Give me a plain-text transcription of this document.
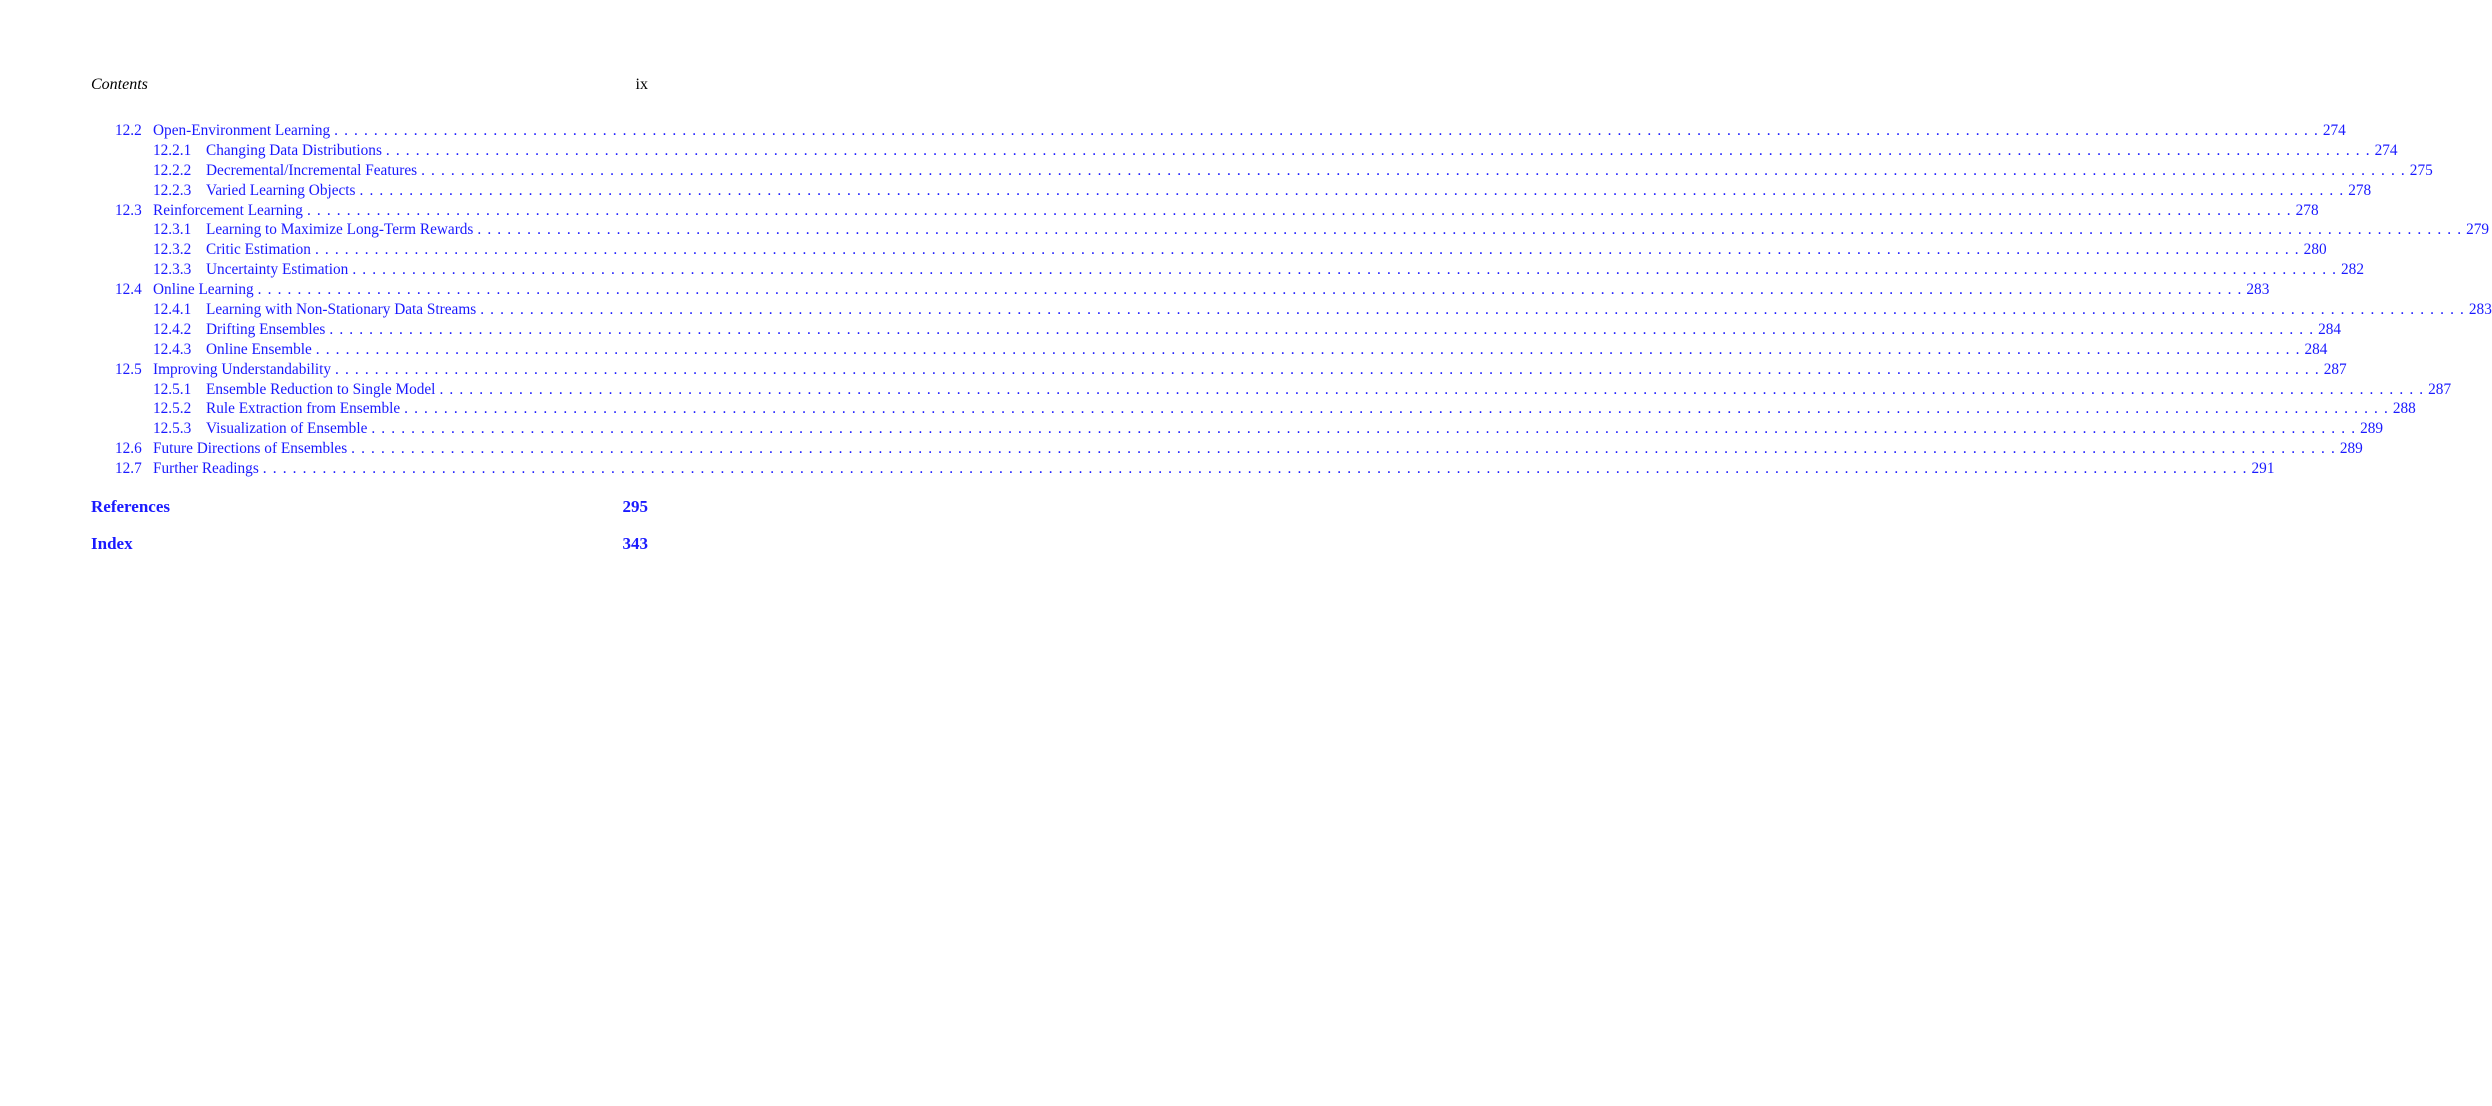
Contents	ix
12.2 Open-Environment Learning .  .  .  .  .  .  .  .  .  .  .  .  .  .  .  .  .  .  .  .  .  .  .  .  .  .  .  .  .  .  .  .  .  .  .  .  .  .  .  .  .  .  .  .  .  .  .  .  .  .  .  .  .  .  .  .  .  .  .  .  .  .  .  .  .  .  .  .  .  .  .  .  .  .  .  .  .  .  .  .  .  .  .  .  .  .  .  .  .  .  .  .  .  .  .  .  .  .  .  .  .  .  .  .  .  .  .  .  .  .  .  .  .  .  .  .  .  .  .  .  .  .  .  .  .  .  .  .  .  .  .  .  .  .  .  .  .  .  .  .  .  .  .  .  .  .  .  .  .  .  .  .  .  .  .  .  .  .  .  .  .  .  .  .  .  .  .  .  .  .  .  .  .  .  .  .  .  .  .  .  .  .  .  .  .  .  .  .  .  .  .  .  .  .  .  .  .  .  .  . 274
12.2.1 Changing Data Distributions .  .  .  .  .  .  .  .  .  .  .  .  .  .  .  .  .  .  .  .  .  .  .  .  .  .  .  .  .  .  .  .  .  .  .  .  .  .  .  .  .  .  .  .  .  .  .  .  .  .  .  .  .  .  .  .  .  .  .  .  .  .  .  .  .  .  .  .  .  .  .  .  .  .  .  .  .  .  .  .  .  .  .  .  .  .  .  .  .  .  .  .  .  .  .  .  .  .  .  .  .  .  .  .  .  .  .  .  .  .  .  .  .  .  .  .  .  .  .  .  .  .  .  .  .  .  .  .  .  .  .  .  .  .  .  .  .  .  .  .  .  .  .  .  .  .  .  .  .  .  .  .  .  .  .  .  .  .  .  .  .  .  .  .  .  .  .  .  .  .  .  .  .  .  .  .  .  .  .  .  .  .  .  .  .  .  .  .  .  .  .  .  .  .  .  .  .  .  .  . 274
12.2.2 Decremental/Incremental Features .  .  .  .  .  .  .  .  .  .  .  .  .  .  .  .  .  .  .  .  .  .  .  .  .  .  .  .  .  .  .  .  .  .  .  .  .  .  .  .  .  .  .  .  .  .  .  .  .  .  .  .  .  .  .  .  .  .  .  .  .  .  .  .  .  .  .  .  .  .  .  .  .  .  .  .  .  .  .  .  .  .  .  .  .  .  .  .  .  .  .  .  .  .  .  .  .  .  .  .  .  .  .  .  .  .  .  .  .  .  .  .  .  .  .  .  .  .  .  .  .  .  .  .  .  .  .  .  .  .  .  .  .  .  .  .  .  .  .  .  .  .  .  .  .  .  .  .  .  .  .  .  .  .  .  .  .  .  .  .  .  .  .  .  .  .  .  .  .  .  .  .  .  .  .  .  .  .  .  .  .  .  .  .  .  .  .  .  .  .  .  .  .  .  .  .  .  .  .  . 275
12.2.3 Varied Learning Objects .  .  .  .  .  .  .  .  .  .  .  .  .  .  .  .  .  .  .  .  .  .  .  .  .  .  .  .  .  .  .  .  .  .  .  .  .  .  .  .  .  .  .  .  .  .  .  .  .  .  .  .  .  .  .  .  .  .  .  .  .  .  .  .  .  .  .  .  .  .  .  .  .  .  .  .  .  .  .  .  .  .  .  .  .  .  .  .  .  .  .  .  .  .  .  .  .  .  .  .  .  .  .  .  .  .  .  .  .  .  .  .  .  .  .  .  .  .  .  .  .  .  .  .  .  .  .  .  .  .  .  .  .  .  .  .  .  .  .  .  .  .  .  .  .  .  .  .  .  .  .  .  .  .  .  .  .  .  .  .  .  .  .  .  .  .  .  .  .  .  .  .  .  .  .  .  .  .  .  .  .  .  .  .  .  .  .  .  .  .  .  .  .  .  .  .  .  .  .  . 278
12.3 Reinforcement Learning .  .  .  .  .  .  .  .  .  .  .  .  .  .  .  .  .  .  .  .  .  .  .  .  .  .  .  .  .  .  .  .  .  .  .  .  .  .  .  .  .  .  .  .  .  .  .  .  .  .  .  .  .  .  .  .  .  .  .  .  .  .  .  .  .  .  .  .  .  .  .  .  .  .  .  .  .  .  .  .  .  .  .  .  .  .  .  .  .  .  .  .  .  .  .  .  .  .  .  .  .  .  .  .  .  .  .  .  .  .  .  .  .  .  .  .  .  .  .  .  .  .  .  .  .  .  .  .  .  .  .  .  .  .  .  .  .  .  .  .  .  .  .  .  .  .  .  .  .  .  .  .  .  .  .  .  .  .  .  .  .  .  .  .  .  .  .  .  .  .  .  .  .  .  .  .  .  .  .  .  .  .  .  .  .  .  .  .  .  .  .  .  .  .  .  .  .  .  .  . 278
12.3.1 Learning to Maximize Long-Term Rewards .  .  .  .  .  .  .  .  .  .  .  .  .  .  .  .  .  .  .  .  .  .  .  .  .  .  .  .  .  .  .  .  .  .  .  .  .  .  .  .  .  .  .  .  .  .  .  .  .  .  .  .  .  .  .  .  .  .  .  .  .  .  .  .  .  .  .  .  .  .  .  .  .  .  .  .  .  .  .  .  .  .  .  .  .  .  .  .  .  .  .  .  .  .  .  .  .  .  .  .  .  .  .  .  .  .  .  .  .  .  .  .  .  .  .  .  .  .  .  .  .  .  .  .  .  .  .  .  .  .  .  .  .  .  .  .  .  .  .  .  .  .  .  .  .  .  .  .  .  .  .  .  .  .  .  .  .  .  .  .  .  .  .  .  .  .  .  .  .  .  .  .  .  .  .  .  .  .  .  .  .  .  .  .  .  .  .  .  .  .  .  .  .  .  .  .  .  .  .  . 279
12.3.2 Critic Estimation .  .  .  .  .  .  .  .  .  .  .  .  .  .  .  .  .  .  .  .  .  .  .  .  .  .  .  .  .  .  .  .  .  .  .  .  .  .  .  .  .  .  .  .  .  .  .  .  .  .  .  .  .  .  .  .  .  .  .  .  .  .  .  .  .  .  .  .  .  .  .  .  .  .  .  .  .  .  .  .  .  .  .  .  .  .  .  .  .  .  .  .  .  .  .  .  .  .  .  .  .  .  .  .  .  .  .  .  .  .  .  .  .  .  .  .  .  .  .  .  .  .  .  .  .  .  .  .  .  .  .  .  .  .  .  .  .  .  .  .  .  .  .  .  .  .  .  .  .  .  .  .  .  .  .  .  .  .  .  .  .  .  .  .  .  .  .  .  .  .  .  .  .  .  .  .  .  .  .  .  .  .  .  .  .  .  .  .  .  .  .  .  .  .  .  .  .  .  .  . 280
12.3.3 Uncertainty Estimation .  .  .  .  .  .  .  .  .  .  .  .  .  .  .  .  .  .  .  .  .  .  .  .  .  .  .  .  .  .  .  .  .  .  .  .  .  .  .  .  .  .  .  .  .  .  .  .  .  .  .  .  .  .  .  .  .  .  .  .  .  .  .  .  .  .  .  .  .  .  .  .  .  .  .  .  .  .  .  .  .  .  .  .  .  .  .  .  .  .  .  .  .  .  .  .  .  .  .  .  .  .  .  .  .  .  .  .  .  .  .  .  .  .  .  .  .  .  .  .  .  .  .  .  .  .  .  .  .  .  .  .  .  .  .  .  .  .  .  .  .  .  .  .  .  .  .  .  .  .  .  .  .  .  .  .  .  .  .  .  .  .  .  .  .  .  .  .  .  .  .  .  .  .  .  .  .  .  .  .  .  .  .  .  .  .  .  .  .  .  .  .  .  .  .  .  .  .  .  . 282
12.4 Online Learning .  .  .  .  .  .  .  .  .  .  .  .  .  .  .  .  .  .  .  .  .  .  .  .  .  .  .  .  .  .  .  .  .  .  .  .  .  .  .  .  .  .  .  .  .  .  .  .  .  .  .  .  .  .  .  .  .  .  .  .  .  .  .  .  .  .  .  .  .  .  .  .  .  .  .  .  .  .  .  .  .  .  .  .  .  .  .  .  .  .  .  .  .  .  .  .  .  .  .  .  .  .  .  .  .  .  .  .  .  .  .  .  .  .  .  .  .  .  .  .  .  .  .  .  .  .  .  .  .  .  .  .  .  .  .  .  .  .  .  .  .  .  .  .  .  .  .  .  .  .  .  .  .  .  .  .  .  .  .  .  .  .  .  .  .  .  .  .  .  .  .  .  .  .  .  .  .  .  .  .  .  .  .  .  .  .  .  .  .  .  .  .  .  .  .  .  .  .  .  . 283
12.4.1 Learning with Non-Stationary Data Streams .  .  .  .  .  .  .  .  .  .  .  .  .  .  .  .  .  .  .  .  .  .  .  .  .  .  .  .  .  .  .  .  .  .  .  .  .  .  .  .  .  .  .  .  .  .  .  .  .  .  .  .  .  .  .  .  .  .  .  .  .  .  .  .  .  .  .  .  .  .  .  .  .  .  .  .  .  .  .  .  .  .  .  .  .  .  .  .  .  .  .  .  .  .  .  .  .  .  .  .  .  .  .  .  .  .  .  .  .  .  .  .  .  .  .  .  .  .  .  .  .  .  .  .  .  .  .  .  .  .  .  .  .  .  .  .  .  .  .  .  .  .  .  .  .  .  .  .  .  .  .  .  .  .  .  .  .  .  .  .  .  .  .  .  .  .  .  .  .  .  .  .  .  .  .  .  .  .  .  .  .  .  .  .  .  .  .  .  .  .  .  .  .  .  .  .  .  .  .  . 283
12.4.2 Drifting Ensembles .  .  .  .  .  .  .  .  .  .  .  .  .  .  .  .  .  .  .  .  .  .  .  .  .  .  .  .  .  .  .  .  .  .  .  .  .  .  .  .  .  .  .  .  .  .  .  .  .  .  .  .  .  .  .  .  .  .  .  .  .  .  .  .  .  .  .  .  .  .  .  .  .  .  .  .  .  .  .  .  .  .  .  .  .  .  .  .  .  .  .  .  .  .  .  .  .  .  .  .  .  .  .  .  .  .  .  .  .  .  .  .  .  .  .  .  .  .  .  .  .  .  .  .  .  .  .  .  .  .  .  .  .  .  .  .  .  .  .  .  .  .  .  .  .  .  .  .  .  .  .  .  .  .  .  .  .  .  .  .  .  .  .  .  .  .  .  .  .  .  .  .  .  .  .  .  .  .  .  .  .  .  .  .  .  .  .  .  .  .  .  .  .  .  .  .  .  .  .  . 284
12.4.3 Online Ensemble .  .  .  .  .  .  .  .  .  .  .  .  .  .  .  .  .  .  .  .  .  .  .  .  .  .  .  .  .  .  .  .  .  .  .  .  .  .  .  .  .  .  .  .  .  .  .  .  .  .  .  .  .  .  .  .  .  .  .  .  .  .  .  .  .  .  .  .  .  .  .  .  .  .  .  .  .  .  .  .  .  .  .  .  .  .  .  .  .  .  .  .  .  .  .  .  .  .  .  .  .  .  .  .  .  .  .  .  .  .  .  .  .  .  .  .  .  .  .  .  .  .  .  .  .  .  .  .  .  .  .  .  .  .  .  .  .  .  .  .  .  .  .  .  .  .  .  .  .  .  .  .  .  .  .  .  .  .  .  .  .  .  .  .  .  .  .  .  .  .  .  .  .  .  .  .  .  .  .  .  .  .  .  .  .  .  .  .  .  .  .  .  .  .  .  .  .  .  .  . 284
12.5 Improving Understandability .  .  .  .  .  .  .  .  .  .  .  .  .  .  .  .  .  .  .  .  .  .  .  .  .  .  .  .  .  .  .  .  .  .  .  .  .  .  .  .  .  .  .  .  .  .  .  .  .  .  .  .  .  .  .  .  .  .  .  .  .  .  .  .  .  .  .  .  .  .  .  .  .  .  .  .  .  .  .  .  .  .  .  .  .  .  .  .  .  .  .  .  .  .  .  .  .  .  .  .  .  .  .  .  .  .  .  .  .  .  .  .  .  .  .  .  .  .  .  .  .  .  .  .  .  .  .  .  .  .  .  .  .  .  .  .  .  .  .  .  .  .  .  .  .  .  .  .  .  .  .  .  .  .  .  .  .  .  .  .  .  .  .  .  .  .  .  .  .  .  .  .  .  .  .  .  .  .  .  .  .  .  .  .  .  .  .  .  .  .  .  .  .  .  .  .  .  .  .  . 287
12.5.1 Ensemble Reduction to Single Model .  .  .  .  .  .  .  .  .  .  .  .  .  .  .  .  .  .  .  .  .  .  .  .  .  .  .  .  .  .  .  .  .  .  .  .  .  .  .  .  .  .  .  .  .  .  .  .  .  .  .  .  .  .  .  .  .  .  .  .  .  .  .  .  .  .  .  .  .  .  .  .  .  .  .  .  .  .  .  .  .  .  .  .  .  .  .  .  .  .  .  .  .  .  .  .  .  .  .  .  .  .  .  .  .  .  .  .  .  .  .  .  .  .  .  .  .  .  .  .  .  .  .  .  .  .  .  .  .  .  .  .  .  .  .  .  .  .  .  .  .  .  .  .  .  .  .  .  .  .  .  .  .  .  .  .  .  .  .  .  .  .  .  .  .  .  .  .  .  .  .  .  .  .  .  .  .  .  .  .  .  .  .  .  .  .  .  .  .  .  .  .  .  .  .  .  .  .  .  . 287
12.5.2 Rule Extraction from Ensemble .  .  .  .  .  .  .  .  .  .  .  .  .  .  .  .  .  .  .  .  .  .  .  .  .  .  .  .  .  .  .  .  .  .  .  .  .  .  .  .  .  .  .  .  .  .  .  .  .  .  .  .  .  .  .  .  .  .  .  .  .  .  .  .  .  .  .  .  .  .  .  .  .  .  .  .  .  .  .  .  .  .  .  .  .  .  .  .  .  .  .  .  .  .  .  .  .  .  .  .  .  .  .  .  .  .  .  .  .  .  .  .  .  .  .  .  .  .  .  .  .  .  .  .  .  .  .  .  .  .  .  .  .  .  .  .  .  .  .  .  .  .  .  .  .  .  .  .  .  .  .  .  .  .  .  .  .  .  .  .  .  .  .  .  .  .  .  .  .  .  .  .  .  .  .  .  .  .  .  .  .  .  .  .  .  .  .  .  .  .  .  .  .  .  .  .  .  .  .  . 288
12.5.3 Visualization of Ensemble .  .  .  .  .  .  .  .  .  .  .  .  .  .  .  .  .  .  .  .  .  .  .  .  .  .  .  .  .  .  .  .  .  .  .  .  .  .  .  .  .  .  .  .  .  .  .  .  .  .  .  .  .  .  .  .  .  .  .  .  .  .  .  .  .  .  .  .  .  .  .  .  .  .  .  .  .  .  .  .  .  .  .  .  .  .  .  .  .  .  .  .  .  .  .  .  .  .  .  .  .  .  .  .  .  .  .  .  .  .  .  .  .  .  .  .  .  .  .  .  .  .  .  .  .  .  .  .  .  .  .  .  .  .  .  .  .  .  .  .  .  .  .  .  .  .  .  .  .  .  .  .  .  .  .  .  .  .  .  .  .  .  .  .  .  .  .  .  .  .  .  .  .  .  .  .  .  .  .  .  .  .  .  .  .  .  .  .  .  .  .  .  .  .  .  .  .  .  .  . 289
12.6 Future Directions of Ensembles .  .  .  .  .  .  .  .  .  .  .  .  .  .  .  .  .  .  .  .  .  .  .  .  .  .  .  .  .  .  .  .  .  .  .  .  .  .  .  .  .  .  .  .  .  .  .  .  .  .  .  .  .  .  .  .  .  .  .  .  .  .  .  .  .  .  .  .  .  .  .  .  .  .  .  .  .  .  .  .  .  .  .  .  .  .  .  .  .  .  .  .  .  .  .  .  .  .  .  .  .  .  .  .  .  .  .  .  .  .  .  .  .  .  .  .  .  .  .  .  .  .  .  .  .  .  .  .  .  .  .  .  .  .  .  .  .  .  .  .  .  .  .  .  .  .  .  .  .  .  .  .  .  .  .  .  .  .  .  .  .  .  .  .  .  .  .  .  .  .  .  .  .  .  .  .  .  .  .  .  .  .  .  .  .  .  .  .  .  .  .  .  .  .  .  .  .  .  .  . 289
12.7 Further Readings .  .  .  .  .  .  .  .  .  .  .  .  .  .  .  .  .  .  .  .  .  .  .  .  .  .  .  .  .  .  .  .  .  .  .  .  .  .  .  .  .  .  .  .  .  .  .  .  .  .  .  .  .  .  .  .  .  .  .  .  .  .  .  .  .  .  .  .  .  .  .  .  .  .  .  .  .  .  .  .  .  .  .  .  .  .  .  .  .  .  .  .  .  .  .  .  .  .  .  .  .  .  .  .  .  .  .  .  .  .  .  .  .  .  .  .  .  .  .  .  .  .  .  .  .  .  .  .  .  .  .  .  .  .  .  .  .  .  .  .  .  .  .  .  .  .  .  .  .  .  .  .  .  .  .  .  .  .  .  .  .  .  .  .  .  .  .  .  .  .  .  .  .  .  .  .  .  .  .  .  .  .  .  .  .  .  .  .  .  .  .  .  .  .  .  .  .  .  .  . 291
References	295
Index	343
